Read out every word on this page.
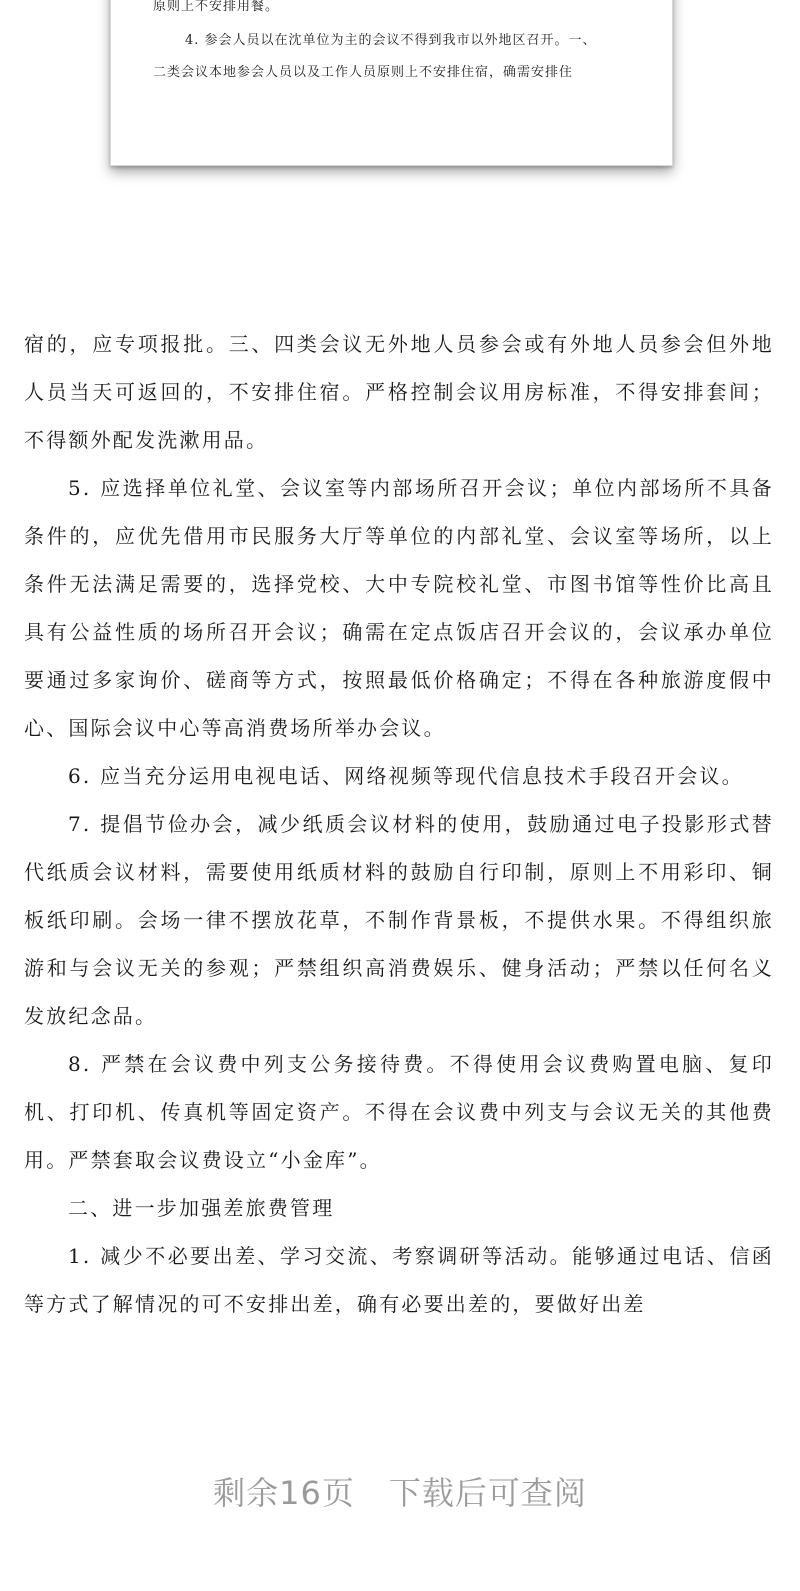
原则上不安排用餐。
4. 参会人员以在沈单位为主的会议不得到我市以外地区召开。一、
二类会议本地参会人员以及工作人员原则上不安排住宿，确需安排住

宿的，应专项报批。三、四类会议无外地人员参会或有外地人员参会但外地人员当天可返回的，不安排住宿。严格控制会议用房标准，不得安排套间；不得额外配发洗漱用品。

5. 应选择单位礼堂、会议室等内部场所召开会议；单位内部场所不具备条件的，应优先借用市民服务大厅等单位的内部礼堂、会议室等场所，以上条件无法满足需要的，选择党校、大中专院校礼堂、市图书馆等性价比高且具有公益性质的场所召开会议；确需在定点饭店召开会议的，会议承办单位要通过多家询价、磋商等方式，按照最低价格确定；不得在各种旅游度假中心、国际会议中心等高消费场所举办会议。

6. 应当充分运用电视电话、网络视频等现代信息技术手段召开会议。

7. 提倡节俭办会，减少纸质会议材料的使用，鼓励通过电子投影形式替代纸质会议材料，需要使用纸质材料的鼓励自行印制，原则上不用彩印、铜板纸印刷。会场一律不摆放花草，不制作背景板，不提供水果。不得组织旅游和与会议无关的参观；严禁组织高消费娱乐、健身活动；严禁以任何名义发放纪念品。

8. 严禁在会议费中列支公务接待费。不得使用会议费购置电脑、复印机、打印机、传真机等固定资产。不得在会议费中列支与会议无关的其他费用。严禁套取会议费设立“小金库”。

二、进一步加强差旅费管理

1. 减少不必要出差、学习交流、考察调研等活动。能够通过电话、信函等方式了解情况的可不安排出差，确有必要出差的，要做好出差

剩余16页 下载后可查阅
